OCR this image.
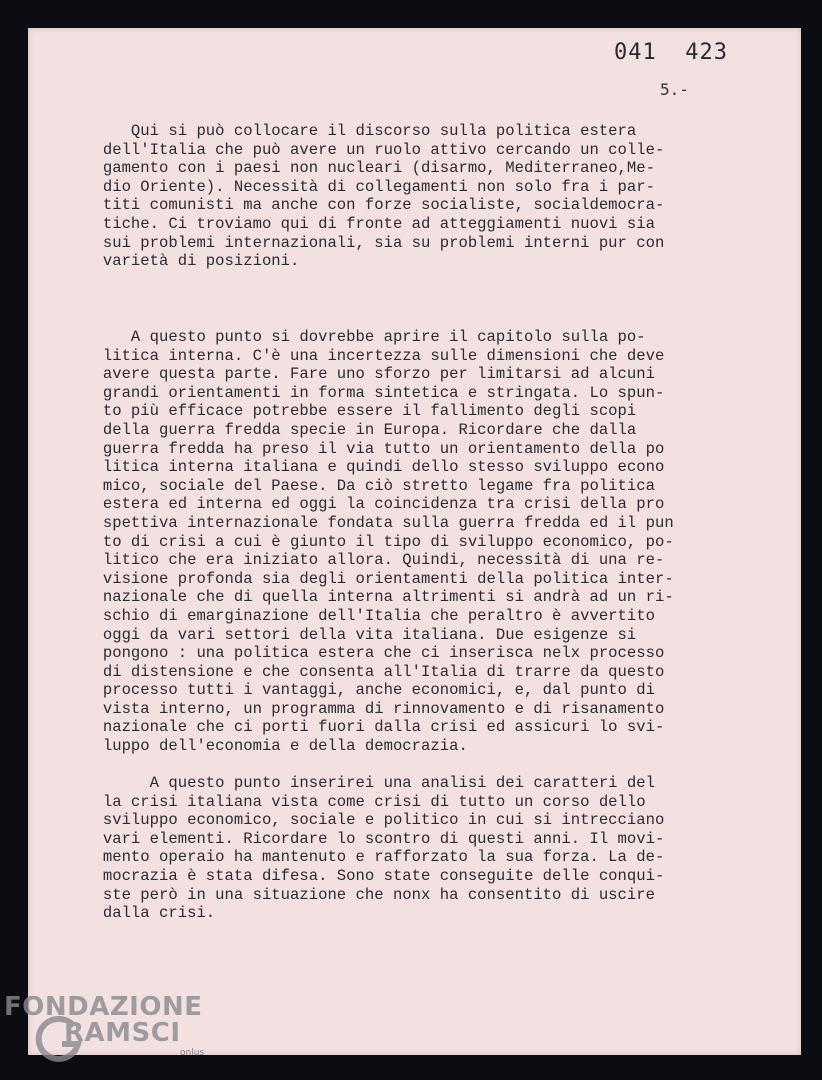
041  423
5.-
Qui si può collocare il discorso sulla politica estera
dell'Italia che può avere un ruolo attivo cercando un colle-
gamento con i paesi non nucleari (disarmo, Mediterraneo,Me-
dio Oriente). Necessità di collegamenti non solo fra i par-
titi comunisti ma anche con forze socialiste, socialdemocra-
tiche. Ci troviamo qui di fronte ad atteggiamenti nuovi sia
sui problemi internazionali, sia su problemi interni pur con
varietà di posizioni.
A questo punto si dovrebbe aprire il capitolo sulla po-
litica interna. C'è una incertezza sulle dimensioni che deve
avere questa parte. Fare uno sforzo per limitarsi ad alcuni
grandi orientamenti in forma sintetica e stringata. Lo spun-
to più efficace potrebbe essere il fallimento degli scopi
della guerra fredda specie in Europa. Ricordare che dalla
guerra fredda ha preso il via tutto un orientamento della po
litica interna italiana e quindi dello stesso sviluppo econo
mico, sociale del Paese. Da ciò stretto legame fra politica
estera ed interna ed oggi la coincidenza tra crisi della pro
spettiva internazionale fondata sulla guerra fredda ed il pun
to di crisi a cui è giunto il tipo di sviluppo economico, po-
litico che era iniziato allora. Quindi, necessità di una re-
visione profonda sia degli orientamenti della politica inter-
nazionale che di quella interna altrimenti si andrà ad un ri-
schio di emarginazione dell'Italia che peraltro è avvertito
oggi da vari settori della vita italiana. Due esigenze si
pongono : una politica estera che ci inserisca nelx processo
di distensione e che consenta all'Italia di trarre da questo
processo tutti i vantaggi, anche economici, e, dal punto di
vista interno, un programma di rinnovamento e di risanamento
nazionale che ci porti fuori dalla crisi ed assicuri lo svi-
luppo dell'economia e della democrazia.
A questo punto inserirei una analisi dei caratteri del
la crisi italiana vista come crisi di tutto un corso dello
sviluppo economico, sociale e politico in cui si intrecciano
vari elementi. Ricordare lo scontro di questi anni. Il movi-
mento operaio ha mantenuto e rafforzato la sua forza. La de-
mocrazia è stata difesa. Sono state conseguite delle conqui-
ste però in una situazione che nonx ha consentito di uscire
dalla crisi.
FONDAZIONE
RAMSCI
onlus
